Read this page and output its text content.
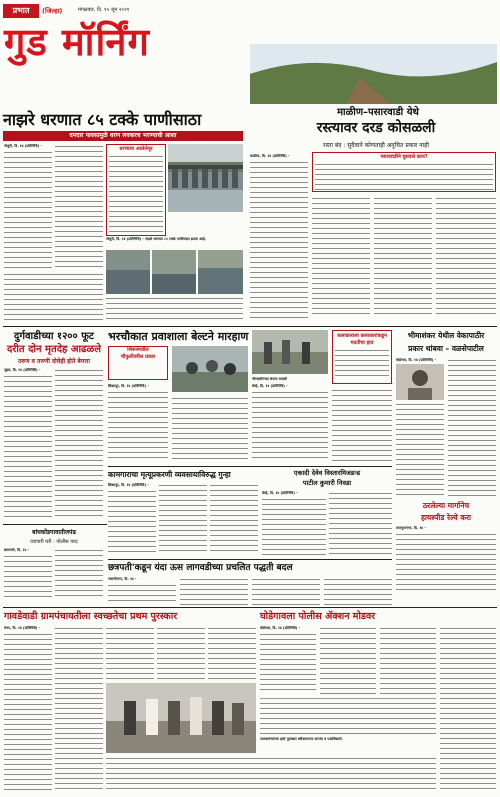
प्रभात	(जिल्हा)	मंगळवार, दि. १५ जून २०२१
गुड मॉर्निंग
नाझरे धरणात ८५ टक्के पाणीसाठा
दमदार पावसामुळे धरण लवकरच भरण्याची आशा
जेजुरी, दि. १४ (प्रतिनिधि) -	धरणाला आलेलेनूर
जेजुरी, दि. १४ (प्रतिनिधि) - नाझरे धरणात ८५ टक्के पाणीसाठा झाला आहे.
माळीण–पसारवाडी येथे
रस्त्यावर दरड कोसळली
रस्ता बंद : सुदैवाने कोणताही अनुचित प्रकार नाही
माळीण, दि. १४ (प्रतिनिधि) -	पसारवाडीने घुसवले काय?
दुर्गवाडीच्या १२०० फूट
दरीत दोन मृतदेह आढळले
तरुण व तरुणी दोघेही होते बेपत्ता
जुन्नर, दि. १४ (प्रतिनिधि) -
भरचौकात प्रवाशाला बेल्टने मारहाण
शिरूरमधील
चौफुलीवरील प्रकार
शिक्रापूर, दि. १४ (प्रतिनिधि) -
कलाकाराला कलाकारांकडून मदतीचा हात
भीमाकोरेगाव बेपत्ता व्यक्ती
वेल्हे, दि. १४ (प्रतिनिधि) -
भीमाशंकर येथील वेकापाठीर
प्रकार थांबवा – वळसेपाटील
घोडेगाव, दि. १४ (प्रतिनिधि) -
कामगाराचा मृत्यूप्रकरणी व्यवसायाविरुद्ध गुन्हा
शिक्रापूर, दि. १४ (प्रतिनिधि) -
एकादी देवेव विस्तारमिजडन्ड
पाटील कुमारी निवडा
वेल्हे, दि. १४ (प्रतिनिधि) -
ठरलेल्या मार्गानेच
हायस्पीड रेल्वे करा
राजगुरूनगर, दि. १४ -
बांधकोंडगावातीलपंढ
व्यापारी घरी : पोलीस वरद
बारामती, दि. १४ -
छत्रपती'कडून यंदा ऊस लागवडीच्या प्रचलित पद्धती बदल
भवानीनगर, दि. १४ -
गावडेवाडी ग्रामपंचायतीला स्वच्छतेचा प्रथम पुरस्कार
मंचर, दि. १४ (प्रतिनिधि) -
घोडेगावला पोलीस ॲक्शन मोडवर
घोडेगाव, दि. १४ (प्रतिनिधि) -
पालकमंत्र्यांच्या हस्ते पुरस्कार स्वीकारताना सरपंच व पदाधिकारी.
